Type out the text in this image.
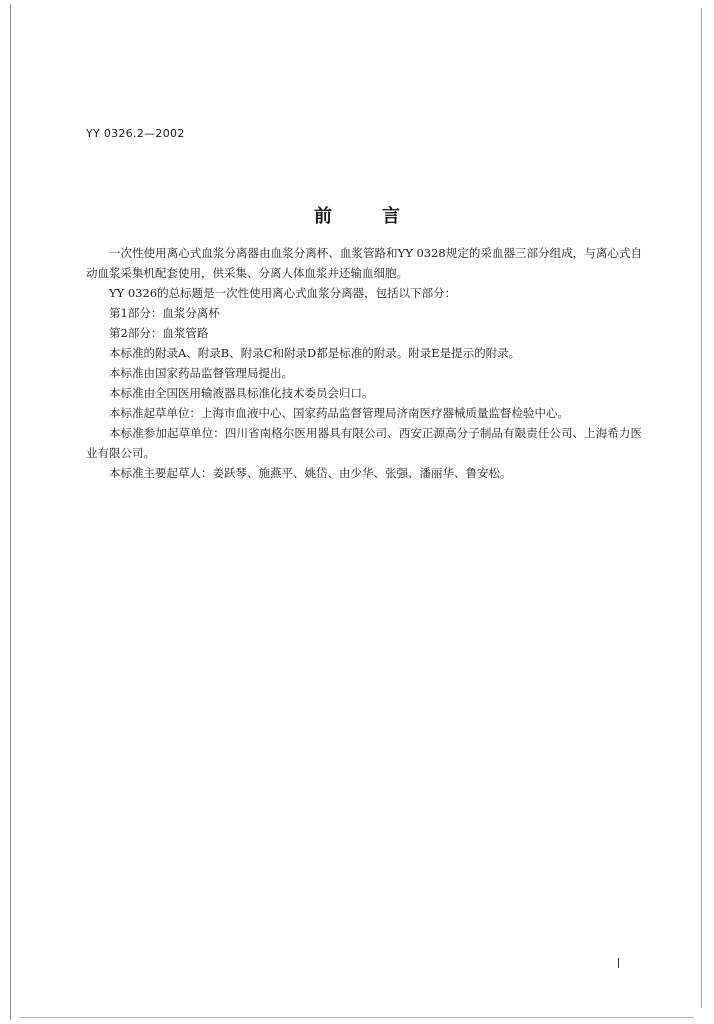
YY 0326.2—2002
前言

一次性使用离心式血浆分离器由血浆分离杯、血浆管路和YY 0328规定的采血器三部分组成，与离心式自动血浆采集机配套使用，供采集、分离人体血浆并还输血细胞。

YY 0326的总标题是一次性使用离心式血浆分离器，包括以下部分：

第1部分：血浆分离杯

第2部分：血浆管路

本标准的附录A、附录B、附录C和附录D都是标准的附录。附录E是提示的附录。

本标准由国家药品监督管理局提出。

本标准由全国医用输液器具标准化技术委员会归口。

本标准起草单位：上海市血液中心、国家药品监督管理局济南医疗器械质量监督检验中心。

本标准参加起草单位：四川省南格尔医用器具有限公司、西安正源高分子制品有限责任公司、上海希力医业有限公司。

本标准主要起草人：姜跃琴、施燕平、姚岱、由少华、张强、潘丽华、鲁安松。
